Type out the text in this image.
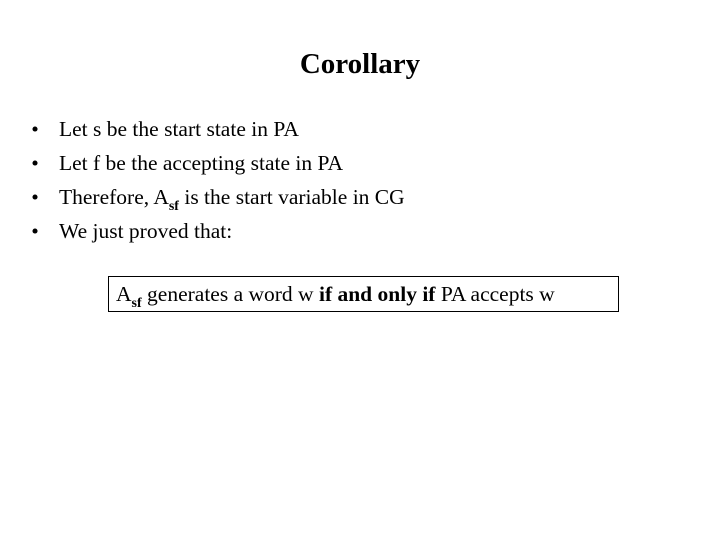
Corollary
• Let s be the start state in PA
• Let f be the accepting state in PA
• Therefore, $A_{sf}$ is the start variable in CG
• We just proved that:
$A_{sf}$ generates a word w if and only if PA accepts w
